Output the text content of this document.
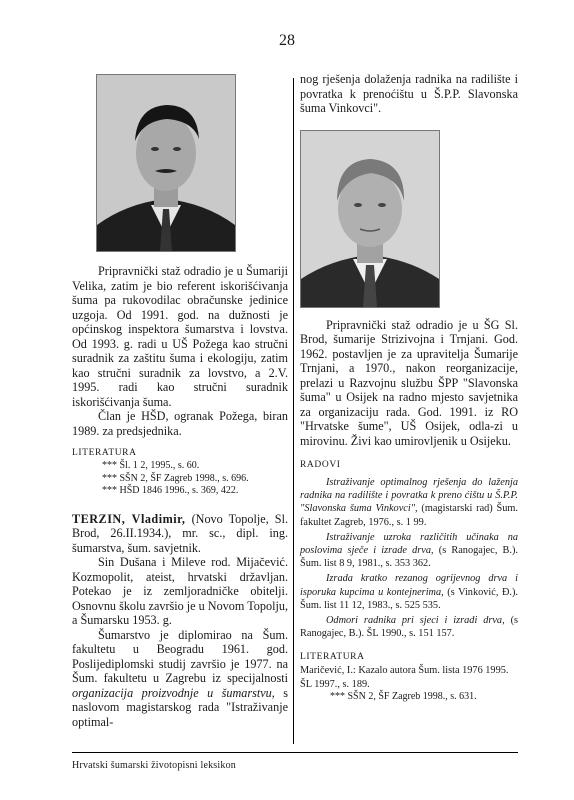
28

Pripravnički staž odradio je u Šumariji Velika, zatim je bio referent iskorišćivanja šuma pa rukovodilac obračunske jedinice uzgoja. Od 1991. god. na dužnosti je općinskog inspektora šumarstva i lovstva. Od 1993. g. radi u UŠ Požega kao stručni suradnik za zaštitu šuma i ekologiju, zatim kao stručni suradnik za lovstvo, a 2.V. 1995. radi kao stručni suradnik iskorišćivanja šuma.

Član je HŠD, ogranak Požega, biran 1989. za predsjednika.

LITERATURA
*** Šl. 1 2, 1995., s. 60.
*** SŠN 2, ŠF Zagreb 1998., s. 696.
*** HŠD 1846 1996., s. 369, 422.

TERZIN, Vladimir, (Novo Topolje, Sl. Brod, 26.II.1934.), mr. sc., dipl. ing. šumarstva, šum. savjetnik.

Sin Dušana i Mileve rod. Mijačević. Kozmopolit, ateist, hrvatski državljan. Potekao je iz zemljoradničke obitelji. Osnovnu školu završio je u Novom Topolju, a Šumarsku 1953. g.

Šumarstvo je diplomirao na Šum. fakultetu u Beogradu 1961. god. Poslijediplomski studij završio je 1977. na Šum. fakultetu u Zagrebu iz specijalnosti organizacija proizvodnje u šumarstvu, s naslovom magistarskog rada "Istraživanje optimal-

nog rješenja dolaženja radnika na radilište i povratka k prenoćištu u Š.P.P. Slavonska šuma Vinkovci".

Pripravnički staž odradio je u ŠG Sl. Brod, šumarije Strizivojna i Trnjani. God. 1962. postavljen je za upravitelja Šumarije Trnjani, a 1970., nakon reorganizacije, prelazi u Razvojnu službu ŠPP "Slavonska šuma" u Osijek na radno mjesto savjetnika za organizaciju rada. God. 1991. iz RO "Hrvatske šume", UŠ Osijek, odla-zi u mirovinu. Živi kao umirovljenik u Osijeku.

RADOVI

Istraživanje optimalnog rješenja do laženja radnika na radilište i povratka k preno ćištu u Š.P.P. "Slavonska šuma Vinkovci", (magistarski rad) Šum. fakultet Zagreb, 1976., s. 1 99.

Istraživanje uzroka različitih učinaka na poslovima sječe i izrade drva, (s Ranogajec, B.). Šum. list 8 9, 1981., s. 353 362.

Izrada kratko rezanog ogrijevnog drva i isporuka kupcima u kontejnerima, (s Vinković, Đ.). Šum. list 11 12, 1983., s. 525 535.

Odmori radnika pri sjeci i izradi drva, (s Ranogajec, B.). ŠL 1990., s. 151 157.

LITERATURA
Maričević, I.: Kazalo autora Šum. lista 1976 1995. ŠL 1997., s. 189.
*** SŠN 2, ŠF Zagreb 1998., s. 631.
Hrvatski šumarski životopisni leksikon
